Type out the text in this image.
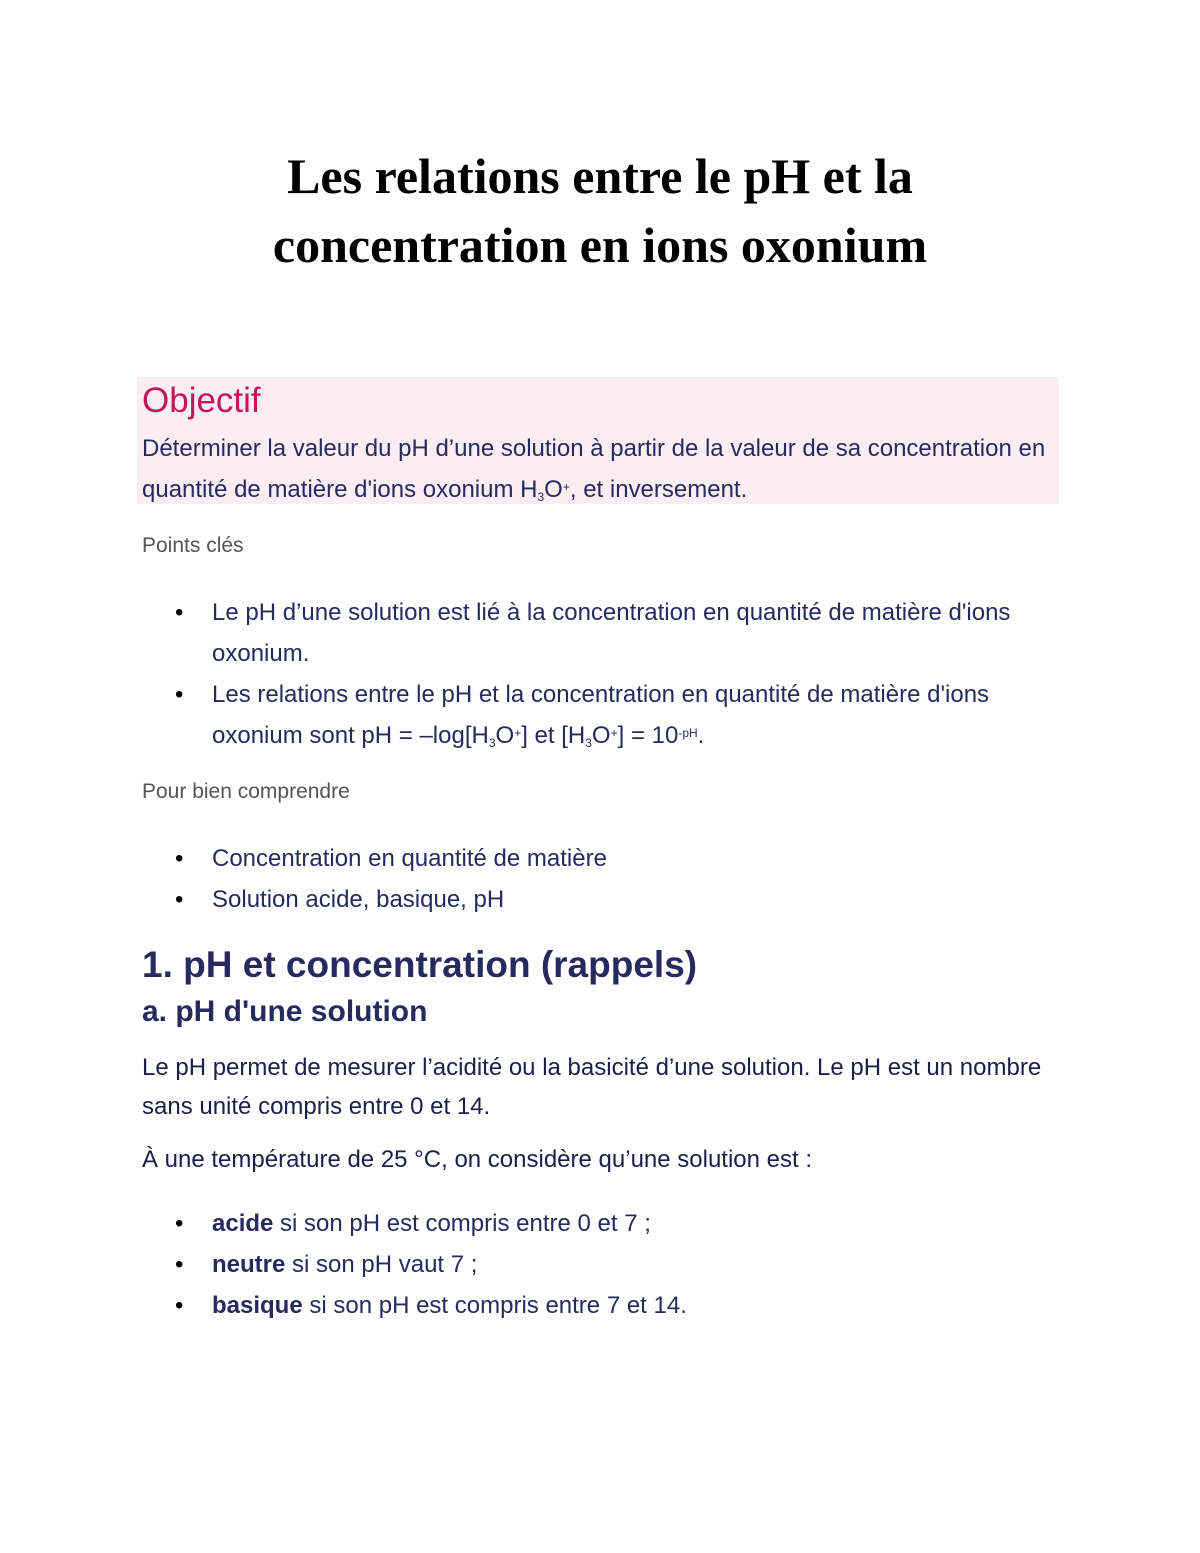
Les relations entre le pH et la
concentration en ions oxonium
Objectif

Déterminer la valeur du pH d’une solution à partir de la valeur de sa concentration en quantité de matière d'ions oxonium $H_3O^+$, et inversement.

Points clés

• Le pH d’une solution est lié à la concentration en quantité de matière d'ions oxonium.
• Les relations entre le pH et la concentration en quantité de matière d'ions oxonium sont pH = $-\log[H_3O^+]$ et $[H_3O^+] = 10^{-pH}$.

Pour bien comprendre

• Concentration en quantité de matière
• Solution acide, basique, pH
1. pH et concentration (rappels)
a. pH d'une solution

Le pH permet de mesurer l’acidité ou la basicité d’une solution. Le pH est un nombre sans unité compris entre 0 et 14.

À une température de 25 °C, on considère qu’une solution est :

• acide si son pH est compris entre 0 et 7 ;
• neutre si son pH vaut 7 ;
• basique si son pH est compris entre 7 et 14.
